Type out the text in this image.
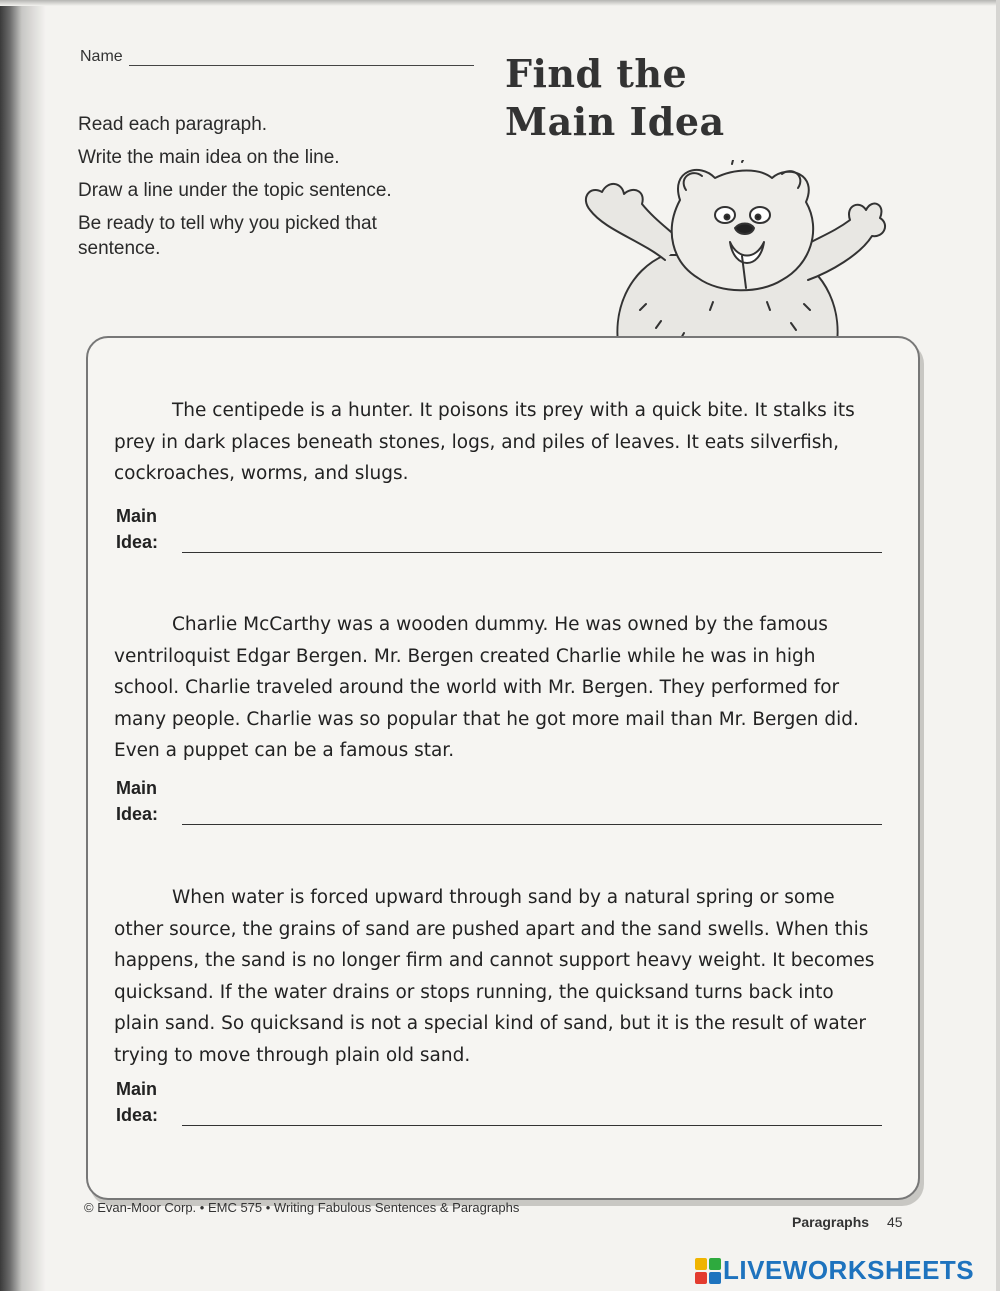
Name
Read each paragraph.
Write the main idea on the line.
Draw a line under the topic sentence.
Be ready to tell why you picked that sentence.
Find the
Main Idea

The centipede is a hunter. It poisons its prey with a quick bite. It stalks its prey in dark places beneath stones, logs, and piles of leaves. It eats silverfish, cockroaches, worms, and slugs.

Main
Idea:

Charlie McCarthy was a wooden dummy. He was owned by the famous ventriloquist Edgar Bergen. Mr. Bergen created Charlie while he was in high school. Charlie traveled around the world with Mr. Bergen. They performed for many people. Charlie was so popular that he got more mail than Mr. Bergen did. Even a puppet can be a famous star.

Main
Idea:

When water is forced upward through sand by a natural spring or some other source, the grains of sand are pushed apart and the sand swells. When this happens, the sand is no longer firm and cannot support heavy weight. It becomes quicksand. If the water drains or stops running, the quicksand turns back into plain sand. So quicksand is not a special kind of sand, but it is the result of water trying to move through plain old sand.

Main
Idea:
© Evan-Moor Corp. • EMC 575 • Writing Fabulous Sentences & Paragraphs
Paragraphs 45
LIVEWORKSHEETS
